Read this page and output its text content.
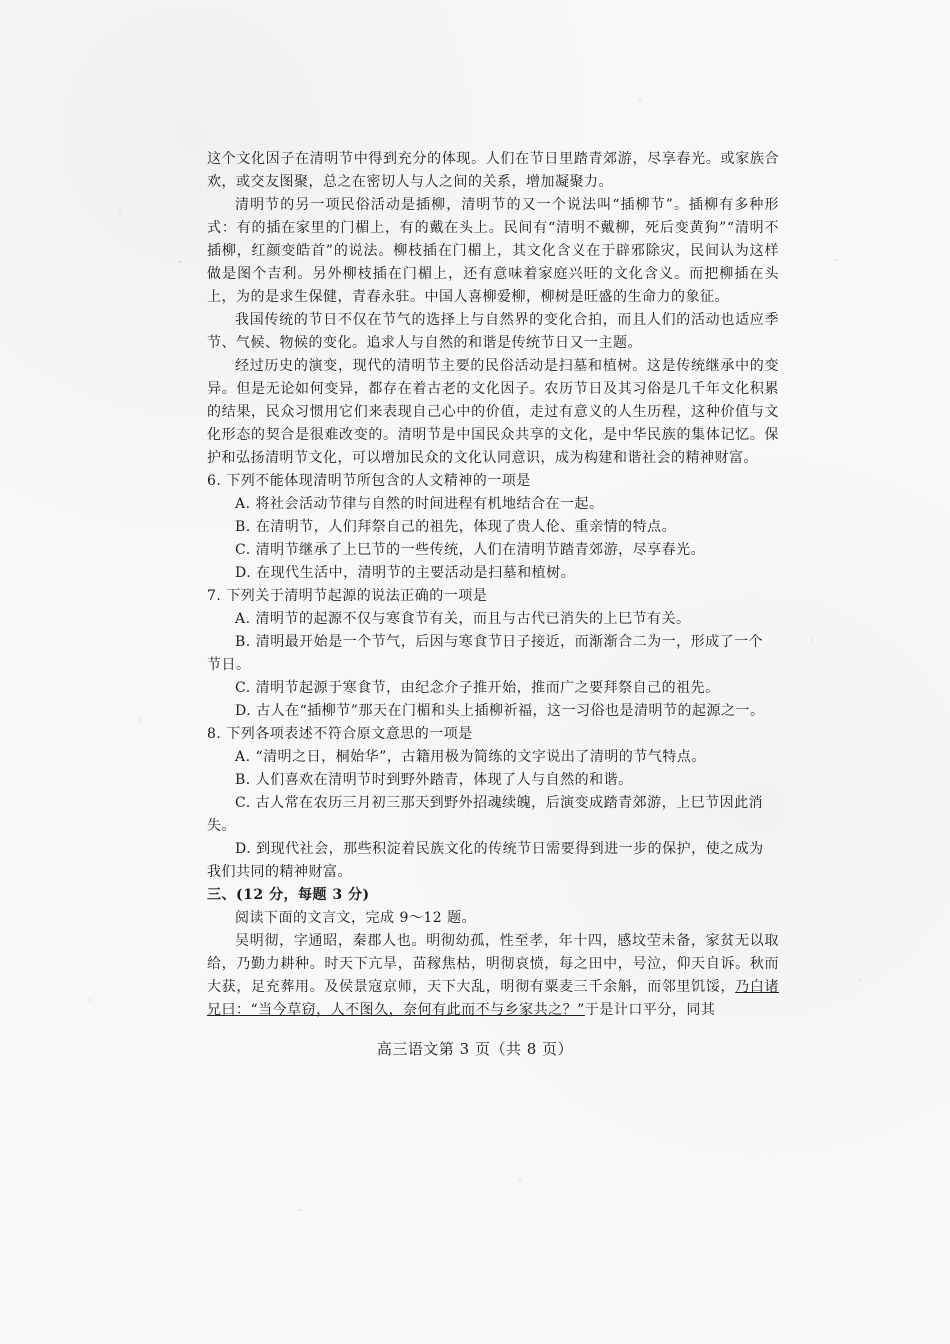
这个文化因子在清明节中得到充分的体现。人们在节日里踏青郊游，尽享春光。或家族合欢，或交友图聚，总之在密切人与人之间的关系，增加凝聚力。

清明节的另一项民俗活动是插柳，清明节的又一个说法叫“插柳节”。插柳有多种形式：有的插在家里的门楣上，有的戴在头上。民间有“清明不戴柳，死后变黄狗”“清明不插柳，红颜变皓首”的说法。柳枝插在门楣上，其文化含义在于辟邪除灾，民间认为这样做是图个吉利。另外柳枝插在门楣上，还有意味着家庭兴旺的文化含义。而把柳插在头上，为的是求生保健，青春永驻。中国人喜柳爱柳，柳树是旺盛的生命力的象征。

我国传统的节日不仅在节气的选择上与自然界的变化合拍，而且人们的活动也适应季节、气候、物候的变化。追求人与自然的和谐是传统节日又一主题。

经过历史的演变，现代的清明节主要的民俗活动是扫墓和植树。这是传统继承中的变异。但是无论如何变异，都存在着古老的文化因子。农历节日及其习俗是几千年文化积累的结果，民众习惯用它们来表现自己心中的价值，走过有意义的人生历程，这种价值与文化形态的契合是很难改变的。清明节是中国民众共享的文化，是中华民族的集体记忆。保护和弘扬清明节文化，可以增加民众的文化认同意识，成为构建和谐社会的精神财富。

6. 下列不能体现清明节所包含的人文精神的一项是

A. 将社会活动节律与自然的时间进程有机地结合在一起。

B. 在清明节，人们拜祭自己的祖先，体现了贵人伦、重亲情的特点。

C. 清明节继承了上巳节的一些传统，人们在清明节踏青郊游，尽享春光。

D. 在现代生活中，清明节的主要活动是扫墓和植树。

7. 下列关于清明节起源的说法正确的一项是

A. 清明节的起源不仅与寒食节有关，而且与古代已消失的上巳节有关。

B. 清明最开始是一个节气，后因与寒食节日子接近，而渐渐合二为一，形成了一个

节日。

C. 清明节起源于寒食节，由纪念介子推开始，推而广之要拜祭自己的祖先。

D. 古人在“插柳节”那天在门楣和头上插柳祈福，这一习俗也是清明节的起源之一。

8. 下列各项表述不符合原文意思的一项是

A. “清明之日，桐始华”，古籍用极为简练的文字说出了清明的节气特点。

B. 人们喜欢在清明节时到野外踏青，体现了人与自然的和谐。

C. 古人常在农历三月初三那天到野外招魂续魄，后演变成踏青郊游，上巳节因此消

失。

D. 到现代社会，那些积淀着民族文化的传统节日需要得到进一步的保护，使之成为

我们共同的精神财富。

三、(12 分，每题 3 分)

阅读下面的文言文，完成 9～12 题。

吴明彻，字通昭，秦郡人也。明彻幼孤，性至孝，年十四，感坟茔未备，家贫无以取给，乃勤力耕种。时天下亢旱，苗稼焦枯，明彻哀愤，每之田中，号泣，仰天自诉。秋而大获，足充葬用。及侯景寇京师，天下大乱，明彻有粟麦三千余斛，而邻里饥馁，乃白诸兄曰：“当今草窃，人不图久，奈何有此而不与乡家共之？”于是计口平分，同其

高三语文第 3 页（共 8 页）
